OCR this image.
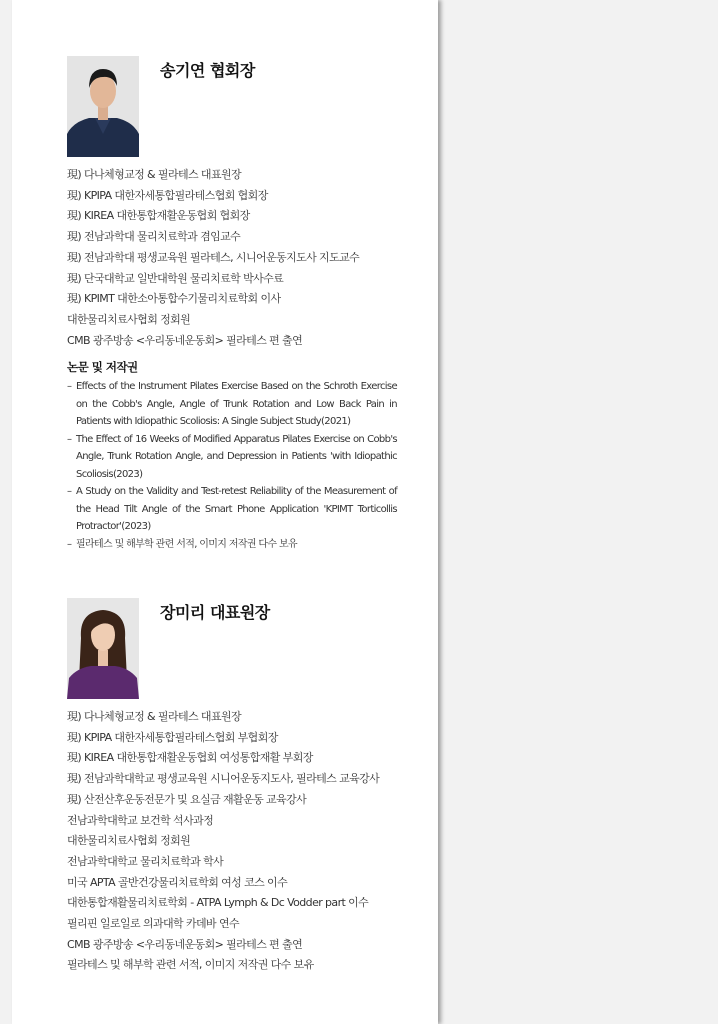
송기연 협회장
現) 다나체형교정 & 필라테스 대표원장
現) KPIPA 대한자세통합필라테스협회 협회장
現) KIREA 대한통합재활운동협회 협회장
現) 전남과학대 물리치료학과 겸임교수
現) 전남과학대 평생교육원 필라테스, 시니어운동지도사 지도교수
現) 단국대학교 일반대학원 물리치료학 박사수료
現) KPIMT 대한소아통합수기물리치료학회 이사
대한물리치료사협회 정회원
CMB 광주방송 <우리동네운동회> 필라테스 편 출연
논문 및 저작권
– Effects of the Instrument Pilates Exercise Based on the Schroth Exercise on the Cobb's Angle, Angle of Trunk Rotation and Low Back Pain in Patients with Idiopathic Scoliosis: A Single Subject Study(2021)
– The Effect of 16 Weeks of Modified Apparatus Pilates Exercise on Cobb's Angle, Trunk Rotation Angle, and Depression in Patients 'with Idiopathic Scoliosis(2023)
– A Study on the Validity and Test-retest Reliability of the Measurement of the Head Tilt Angle of the Smart Phone Application 'KPIMT Torticollis Protractor'(2023)
– 필라테스 및 해부학 관련 서적, 이미지 저작권 다수 보유
장미리 대표원장
現) 다나체형교정 & 필라테스 대표원장
現) KPIPA 대한자세통합필라테스협회 부협회장
現) KIREA 대한통합재활운동협회 여성통합재활 부회장
現) 전남과학대학교 평생교육원 시니어운동지도사, 필라테스 교육강사
現) 산전산후운동전문가 및 요실금 재활운동 교육강사
전남과학대학교 보건학 석사과정
대한물리치료사협회 정회원
전남과학대학교 물리치료학과 학사
미국 APTA 골반건강물리치료학회 여성 코스 이수
대한통합재활물리치료학회 - ATPA Lymph & Dc Vodder part 이수
필리핀 일로일로 의과대학 카데바 연수
CMB 광주방송 <우리동네운동회> 필라테스 편 출연
필라테스 및 해부학 관련 서적, 이미지 저작권 다수 보유
